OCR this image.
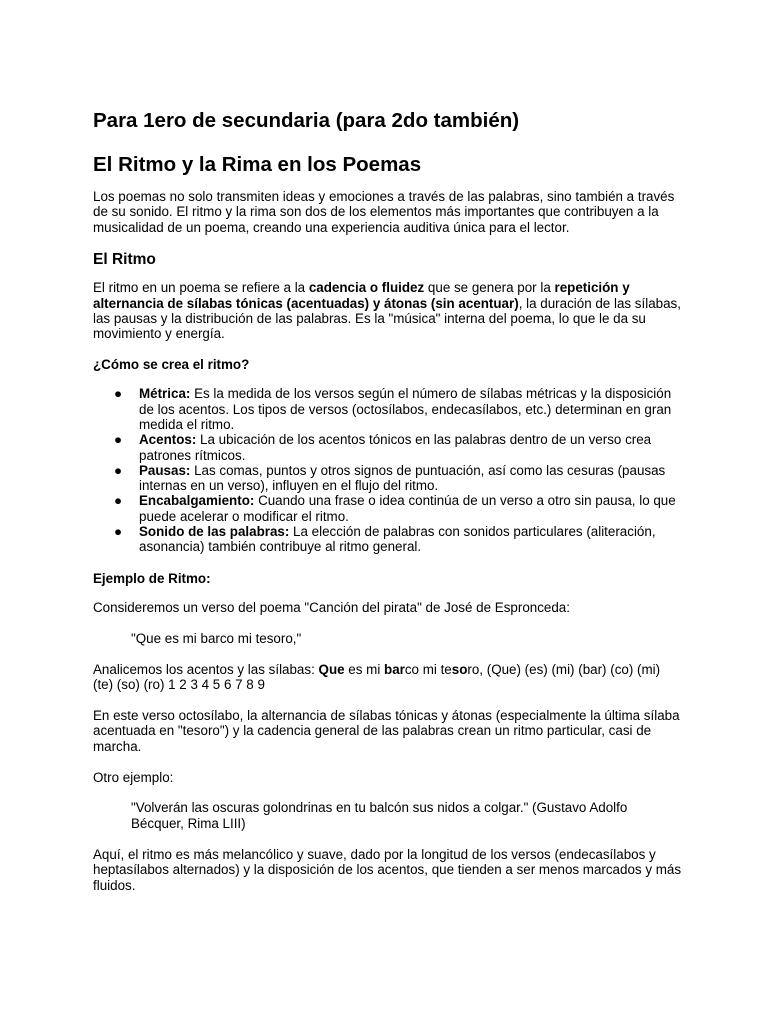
Para 1ero de secundaria (para 2do también)
El Ritmo y la Rima en los Poemas

Los poemas no solo transmiten ideas y emociones a través de las palabras, sino también a través de su sonido. El ritmo y la rima son dos de los elementos más importantes que contribuyen a la musicalidad de un poema, creando una experiencia auditiva única para el lector.

El Ritmo

El ritmo en un poema se refiere a la cadencia o fluidez que se genera por la repetición y alternancia de sílabas tónicas (acentuadas) y átonas (sin acentuar), la duración de las sílabas, las pausas y la distribución de las palabras. Es la "música" interna del poema, lo que le da su movimiento y energía.

¿Cómo se crea el ritmo?

● Métrica: Es la medida de los versos según el número de sílabas métricas y la disposición de los acentos. Los tipos de versos (octosílabos, endecasílabos, etc.) determinan en gran medida el ritmo.
● Acentos: La ubicación de los acentos tónicos en las palabras dentro de un verso crea patrones rítmicos.
● Pausas: Las comas, puntos y otros signos de puntuación, así como las cesuras (pausas internas en un verso), influyen en el flujo del ritmo.
● Encabalgamiento: Cuando una frase o idea continúa de un verso a otro sin pausa, lo que puede acelerar o modificar el ritmo.
● Sonido de las palabras: La elección de palabras con sonidos particulares (aliteración, asonancia) también contribuye al ritmo general.

Ejemplo de Ritmo:

Consideremos un verso del poema "Canción del pirata" de José de Espronceda:

"Que es mi barco mi tesoro,"

Analicemos los acentos y las sílabas: Que es mi barco mi tesoro, (Que) (es) (mi) (bar) (co) (mi) (te) (so) (ro) 1 2 3 4 5 6 7 8 9

En este verso octosílabo, la alternancia de sílabas tónicas y átonas (especialmente la última sílaba acentuada en "tesoro") y la cadencia general de las palabras crean un ritmo particular, casi de marcha.

Otro ejemplo:

"Volverán las oscuras golondrinas en tu balcón sus nidos a colgar." (Gustavo Adolfo Bécquer, Rima LIII)

Aquí, el ritmo es más melancólico y suave, dado por la longitud de los versos (endecasílabos y heptasílabos alternados) y la disposición de los acentos, que tienden a ser menos marcados y más fluidos.
